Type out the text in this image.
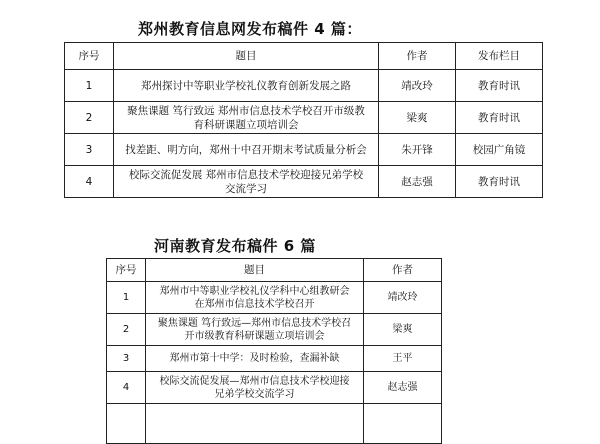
郑州教育信息网发布稿件 4 篇：
序号	题目	作者	发布栏目
1	郑州探讨中等职业学校礼仪教育创新发展之路	靖改玲	教育时讯
2	聚焦课题 笃行致远 郑州市信息技术学校召开市级教育科研课题立项培训会	梁爽	教育时讯
3	找差距、明方向，郑州十中召开期末考试质量分析会	朱开锋	校园广角镜
4	校际交流促发展 郑州市信息技术学校迎接兄弟学校交流学习	赵志强	教育时讯
河南教育发布稿件 6 篇
序号	题目	作者
1	郑州市中等职业学校礼仪学科中心组教研会在郑州市信息技术学校召开	靖改玲
2	聚焦课题 笃行致远—郑州市信息技术学校召开市级教育科研课题立项培训会	梁爽
3	郑州市第十中学：及时检验，查漏补缺	王平
4	校际交流促发展—郑州市信息技术学校迎接兄弟学校交流学习	赵志强
